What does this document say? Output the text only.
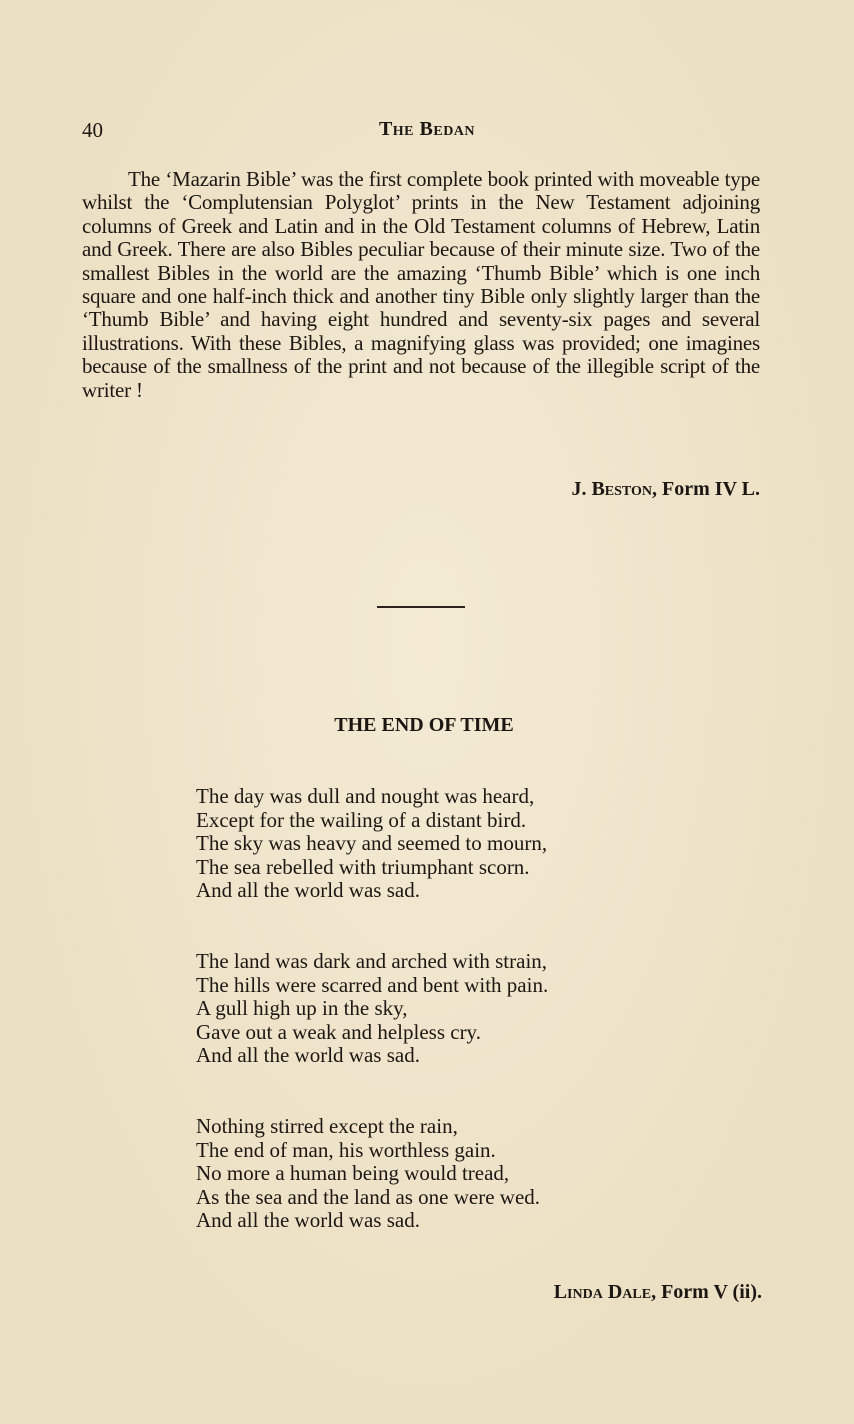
40	The Bedan

The ‘Mazarin Bible’ was the first complete book printed with moveable type whilst the ‘Complutensian Polyglot’ prints in the New Testament adjoining columns of Greek and Latin and in the Old Testament columns of Hebrew, Latin and Greek. There are also Bibles peculiar because of their minute size. Two of the smallest Bibles in the world are the amazing ‘Thumb Bible’ which is one inch square and one half-inch thick and another tiny Bible only slightly larger than the ‘Thumb Bible’ and having eight hundred and seventy-six pages and several illustrations. With these Bibles, a magnifying glass was provided; one imagines because of the smallness of the print and not because of the illegible script of the writer !

J. Beston, Form IV L.
THE END OF TIME
The day was dull and nought was heard,
Except for the wailing of a distant bird.
The sky was heavy and seemed to mourn,
The sea rebelled with triumphant scorn.
And all the world was sad.
The land was dark and arched with strain,
The hills were scarred and bent with pain.
A gull high up in the sky,
Gave out a weak and helpless cry.
And all the world was sad.
Nothing stirred except the rain,
The end of man, his worthless gain.
No more a human being would tread,
As the sea and the land as one were wed.
And all the world was sad.
Linda Dale, Form V (ii).
